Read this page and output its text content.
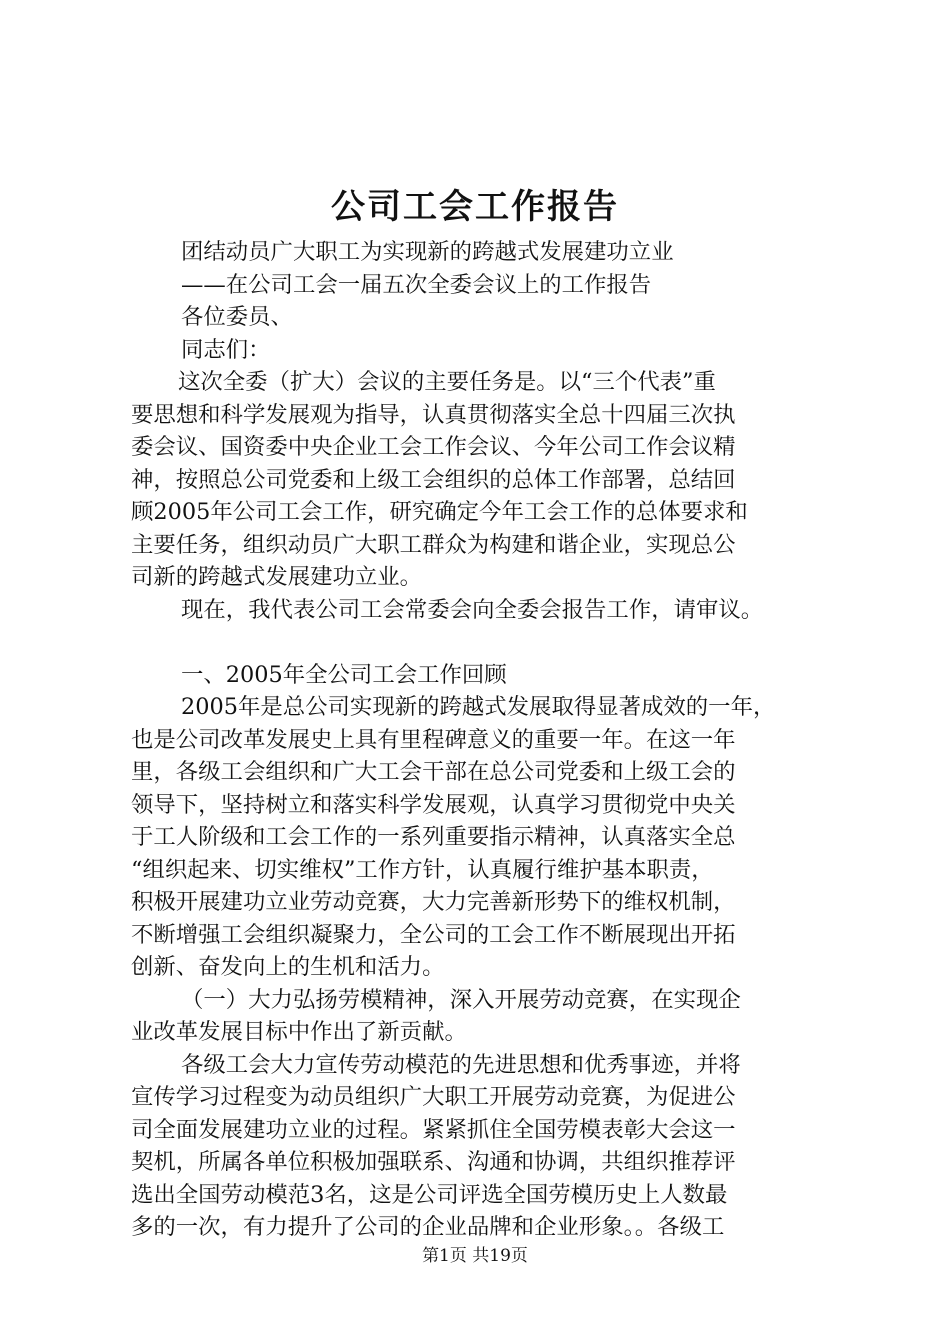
公司工会工作报告
团结动员广大职工为实现新的跨越式发展建功立业
——在公司工会一届五次全委会议上的工作报告
各位委员、
同志们：
这次全委（扩大）会议的主要任务是。以“三个代表”重
要思想和科学发展观为指导，认真贯彻落实全总十四届三次执
委会议、国资委中央企业工会工作会议、今年公司工作会议精
神，按照总公司党委和上级工会组织的总体工作部署，总结回
顾2005年公司工会工作，研究确定今年工会工作的总体要求和
主要任务，组织动员广大职工群众为构建和谐企业，实现总公
司新的跨越式发展建功立业。
现在，我代表公司工会常委会向全委会报告工作，请审议。
一、2005年全公司工会工作回顾
2005年是总公司实现新的跨越式发展取得显著成效的一年，
也是公司改革发展史上具有里程碑意义的重要一年。在这一年
里，各级工会组织和广大工会干部在总公司党委和上级工会的
领导下，坚持树立和落实科学发展观，认真学习贯彻党中央关
于工人阶级和工会工作的一系列重要指示精神，认真落实全总
“组织起来、切实维权”工作方针，认真履行维护基本职责，
积极开展建功立业劳动竞赛，大力完善新形势下的维权机制，
不断增强工会组织凝聚力，全公司的工会工作不断展现出开拓
创新、奋发向上的生机和活力。
（一）大力弘扬劳模精神，深入开展劳动竞赛，在实现企
业改革发展目标中作出了新贡献。
各级工会大力宣传劳动模范的先进思想和优秀事迹，并将
宣传学习过程变为动员组织广大职工开展劳动竞赛，为促进公
司全面发展建功立业的过程。紧紧抓住全国劳模表彰大会这一
契机，所属各单位积极加强联系、沟通和协调，共组织推荐评
选出全国劳动模范3名，这是公司评选全国劳模历史上人数最
多的一次，有力提升了公司的企业品牌和企业形象。。各级工
第1页 共19页
